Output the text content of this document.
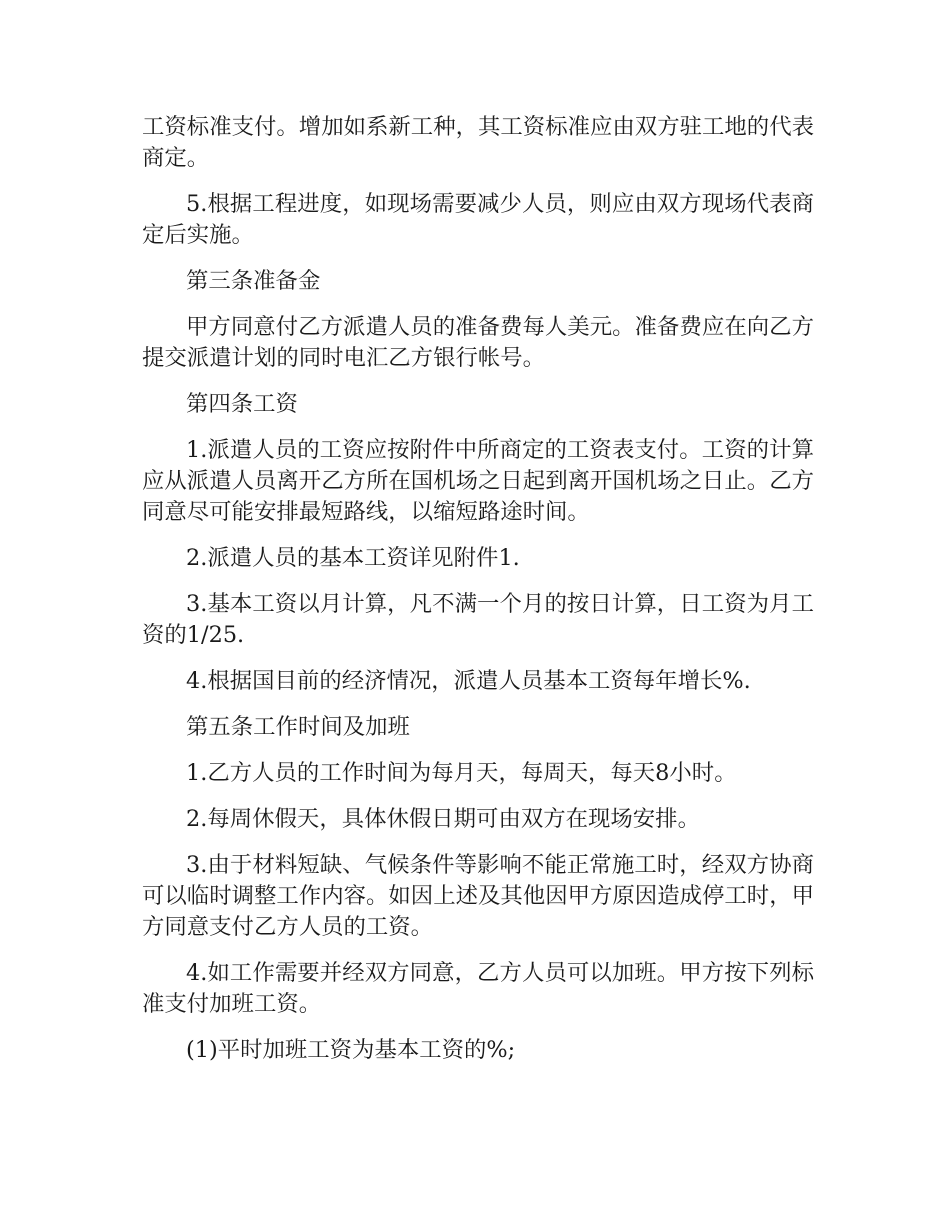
工资标准支付。增加如系新工种，其工资标准应由双方驻工地的代表商定。

5.根据工程进度，如现场需要减少人员，则应由双方现场代表商定后实施。

第三条准备金

甲方同意付乙方派遣人员的准备费每人美元。准备费应在向乙方提交派遣计划的同时电汇乙方银行帐号。

第四条工资

1.派遣人员的工资应按附件中所商定的工资表支付。工资的计算应从派遣人员离开乙方所在国机场之日起到离开国机场之日止。乙方同意尽可能安排最短路线，以缩短路途时间。

2.派遣人员的基本工资详见附件1.

3.基本工资以月计算，凡不满一个月的按日计算，日工资为月工资的1/25.

4.根据国目前的经济情况，派遣人员基本工资每年增长%.

第五条工作时间及加班

1.乙方人员的工作时间为每月天，每周天，每天8小时。

2.每周休假天，具体休假日期可由双方在现场安排。

3.由于材料短缺、气候条件等影响不能正常施工时，经双方协商可以临时调整工作内容。如因上述及其他因甲方原因造成停工时，甲方同意支付乙方人员的工资。

4.如工作需要并经双方同意，乙方人员可以加班。甲方按下列标准支付加班工资。

(1)平时加班工资为基本工资的%;
